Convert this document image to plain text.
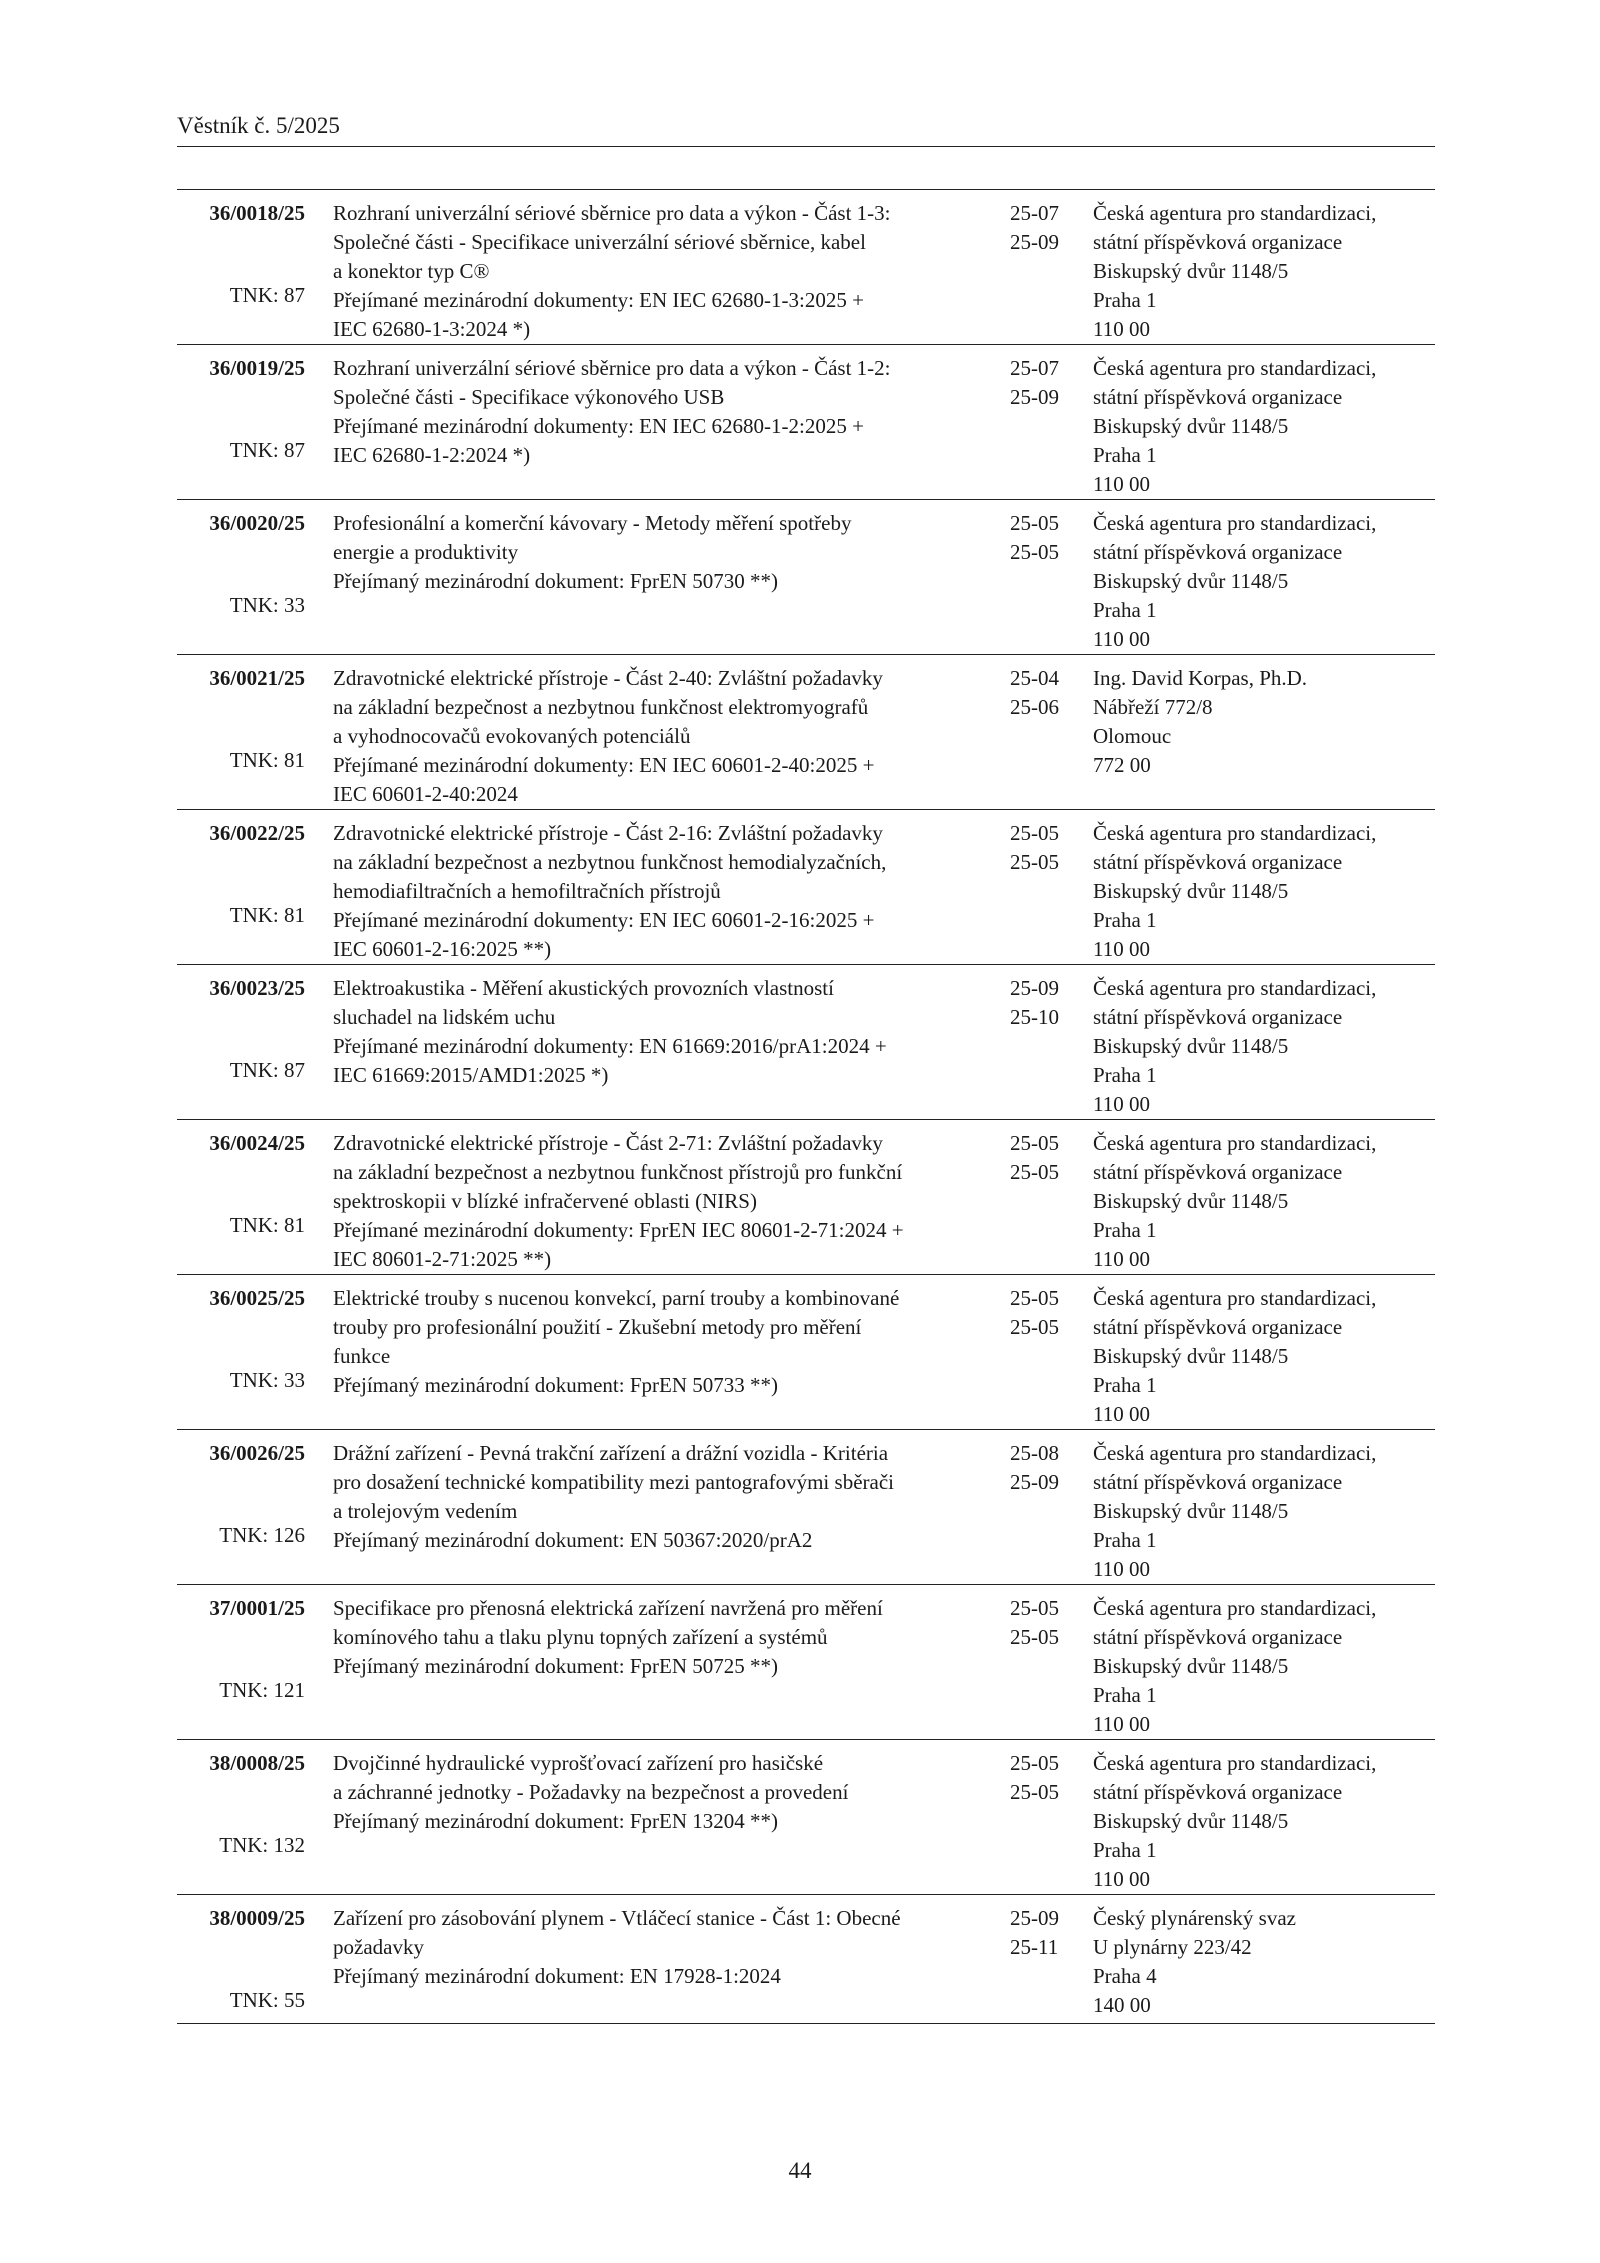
Věstník č. 5/2025
36/0018/25
TNK: 87
Rozhraní univerzální sériové sběrnice pro data a výkon - Část 1-3:
Společné části - Specifikace univerzální sériové sběrnice, kabel
a konektor typ C®
Přejímané mezinárodní dokumenty: EN IEC 62680-1-3:2025 +
IEC 62680-1-3:2024 *)
25-07
25-09
Česká agentura pro standardizaci,
státní příspěvková organizace
Biskupský dvůr 1148/5
Praha 1
110 00
36/0019/25
TNK: 87
Rozhraní univerzální sériové sběrnice pro data a výkon - Část 1-2:
Společné části - Specifikace výkonového USB
Přejímané mezinárodní dokumenty: EN IEC 62680-1-2:2025 +
IEC 62680-1-2:2024 *)
25-07
25-09
Česká agentura pro standardizaci,
státní příspěvková organizace
Biskupský dvůr 1148/5
Praha 1
110 00
36/0020/25
TNK: 33
Profesionální a komerční kávovary - Metody měření spotřeby
energie a produktivity
Přejímaný mezinárodní dokument: FprEN 50730 **)
25-05
25-05
Česká agentura pro standardizaci,
státní příspěvková organizace
Biskupský dvůr 1148/5
Praha 1
110 00
36/0021/25
TNK: 81
Zdravotnické elektrické přístroje - Část 2-40: Zvláštní požadavky
na základní bezpečnost a nezbytnou funkčnost elektromyografů
a vyhodnocovačů evokovaných potenciálů
Přejímané mezinárodní dokumenty: EN IEC 60601-2-40:2025 +
IEC 60601-2-40:2024
25-04
25-06
Ing. David Korpas, Ph.D.
Nábřeží 772/8
Olomouc
772 00
36/0022/25
TNK: 81
Zdravotnické elektrické přístroje - Část 2-16: Zvláštní požadavky
na základní bezpečnost a nezbytnou funkčnost hemodialyzačních,
hemodiafiltračních a hemofiltračních přístrojů
Přejímané mezinárodní dokumenty: EN IEC 60601-2-16:2025 +
IEC 60601-2-16:2025 **)
25-05
25-05
Česká agentura pro standardizaci,
státní příspěvková organizace
Biskupský dvůr 1148/5
Praha 1
110 00
36/0023/25
TNK: 87
Elektroakustika - Měření akustických provozních vlastností
sluchadel na lidském uchu
Přejímané mezinárodní dokumenty: EN 61669:2016/prA1:2024 +
IEC 61669:2015/AMD1:2025 *)
25-09
25-10
Česká agentura pro standardizaci,
státní příspěvková organizace
Biskupský dvůr 1148/5
Praha 1
110 00
36/0024/25
TNK: 81
Zdravotnické elektrické přístroje - Část 2-71: Zvláštní požadavky
na základní bezpečnost a nezbytnou funkčnost přístrojů pro funkční
spektroskopii v blízké infračervené oblasti (NIRS)
Přejímané mezinárodní dokumenty: FprEN IEC 80601-2-71:2024 +
IEC 80601-2-71:2025 **)
25-05
25-05
Česká agentura pro standardizaci,
státní příspěvková organizace
Biskupský dvůr 1148/5
Praha 1
110 00
36/0025/25
TNK: 33
Elektrické trouby s nucenou konvekcí, parní trouby a kombinované
trouby pro profesionální použití - Zkušební metody pro měření
funkce
Přejímaný mezinárodní dokument: FprEN 50733 **)
25-05
25-05
Česká agentura pro standardizaci,
státní příspěvková organizace
Biskupský dvůr 1148/5
Praha 1
110 00
36/0026/25
TNK: 126
Drážní zařízení - Pevná trakční zařízení a drážní vozidla - Kritéria
pro dosažení technické kompatibility mezi pantografovými sběrači
a trolejovým vedením
Přejímaný mezinárodní dokument: EN 50367:2020/prA2
25-08
25-09
Česká agentura pro standardizaci,
státní příspěvková organizace
Biskupský dvůr 1148/5
Praha 1
110 00
37/0001/25
TNK: 121
Specifikace pro přenosná elektrická zařízení navržená pro měření
komínového tahu a tlaku plynu topných zařízení a systémů
Přejímaný mezinárodní dokument: FprEN 50725 **)
25-05
25-05
Česká agentura pro standardizaci,
státní příspěvková organizace
Biskupský dvůr 1148/5
Praha 1
110 00
38/0008/25
TNK: 132
Dvojčinné hydraulické vyprošťovací zařízení pro hasičské
a záchranné jednotky - Požadavky na bezpečnost a provedení
Přejímaný mezinárodní dokument: FprEN 13204 **)
25-05
25-05
Česká agentura pro standardizaci,
státní příspěvková organizace
Biskupský dvůr 1148/5
Praha 1
110 00
38/0009/25
TNK: 55
Zařízení pro zásobování plynem - Vtláčecí stanice - Část 1: Obecné
požadavky
Přejímaný mezinárodní dokument: EN 17928-1:2024
25-09
25-11
Český plynárenský svaz
U plynárny 223/42
Praha 4
140 00
44
